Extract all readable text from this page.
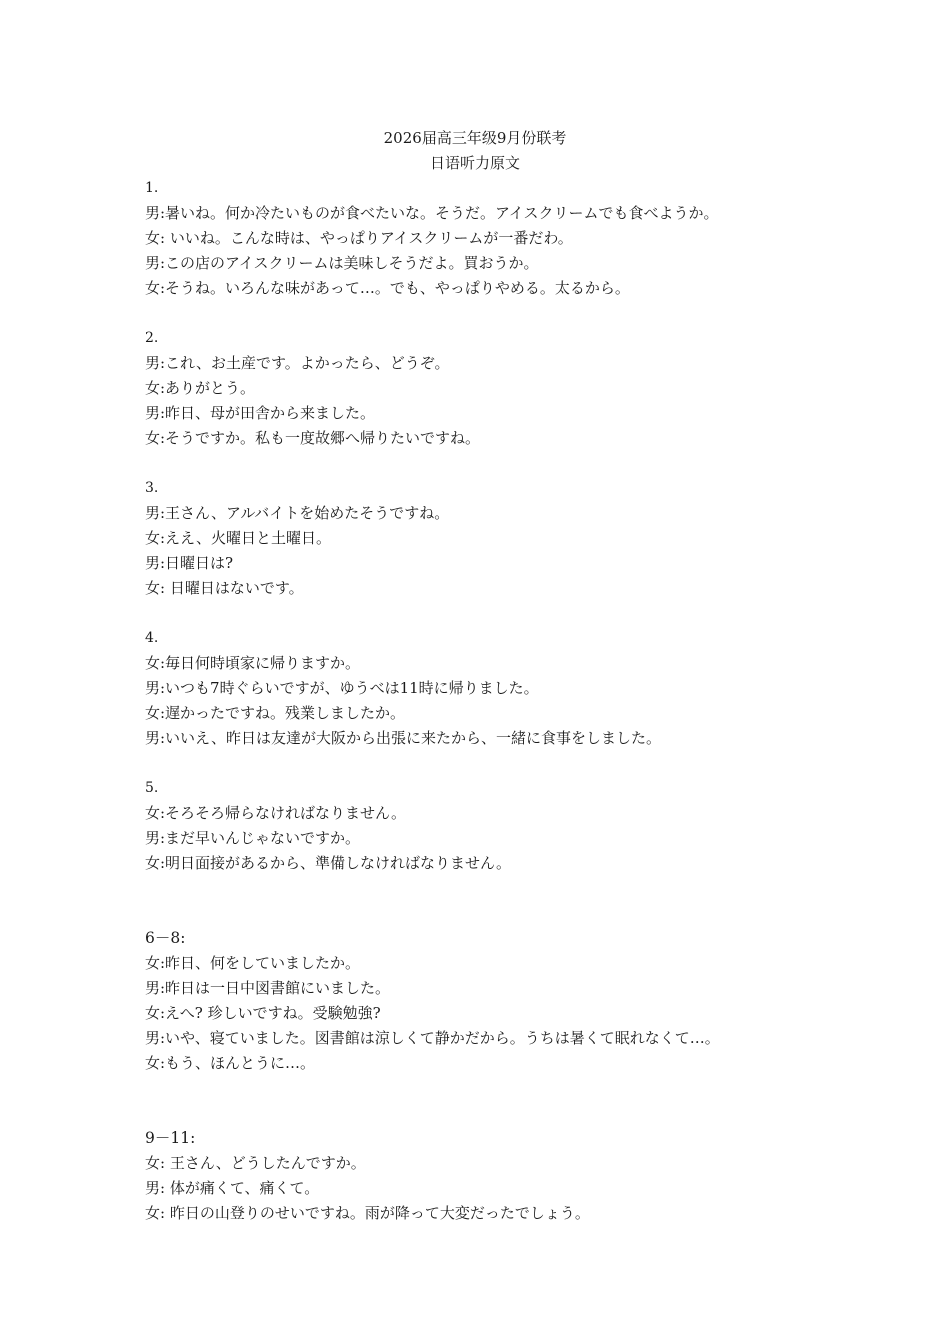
2026届高三年级9月份联考
日语听力原文
1.
男:暑いね。何か冷たいものが食べたいな。そうだ。アイスクリームでも食べようか。
女: いいね。こんな時は、やっぱりアイスクリームが一番だわ。
男:この店のアイスクリームは美味しそうだよ。買おうか。
女:そうね。いろんな味があって…。でも、やっぱりやめる。太るから。
2.
男:これ、お土産です。よかったら、どうぞ。
女:ありがとう。
男:昨日、母が田舎から来ました。
女:そうですか。私も一度故郷へ帰りたいですね。
3.
男:王さん、アルバイトを始めたそうですね。
女:ええ、火曜日と土曜日。
男:日曜日は?
女: 日曜日はないです。
4.
女:毎日何時頃家に帰りますか。
男:いつも7時ぐらいですが、ゆうべは11時に帰りました。
女:遅かったですね。残業しましたか。
男:いいえ、昨日は友達が大阪から出張に来たから、一緒に食事をしました。
5.
女:そろそろ帰らなければなりません。
男:まだ早いんじゃないですか。
女:明日面接があるから、準備しなければなりません。
6－8:
女:昨日、何をしていましたか。
男:昨日は一日中図書館にいました。
女:えへ? 珍しいですね。受験勉強?
男:いや、寝ていました。図書館は涼しくて静かだから。うちは暑くて眠れなくて…。
女:もう、ほんとうに…。
9－11:
女: 王さん、どうしたんですか。
男: 体が痛くて、痛くて。
女: 昨日の山登りのせいですね。雨が降って大変だったでしょう。
